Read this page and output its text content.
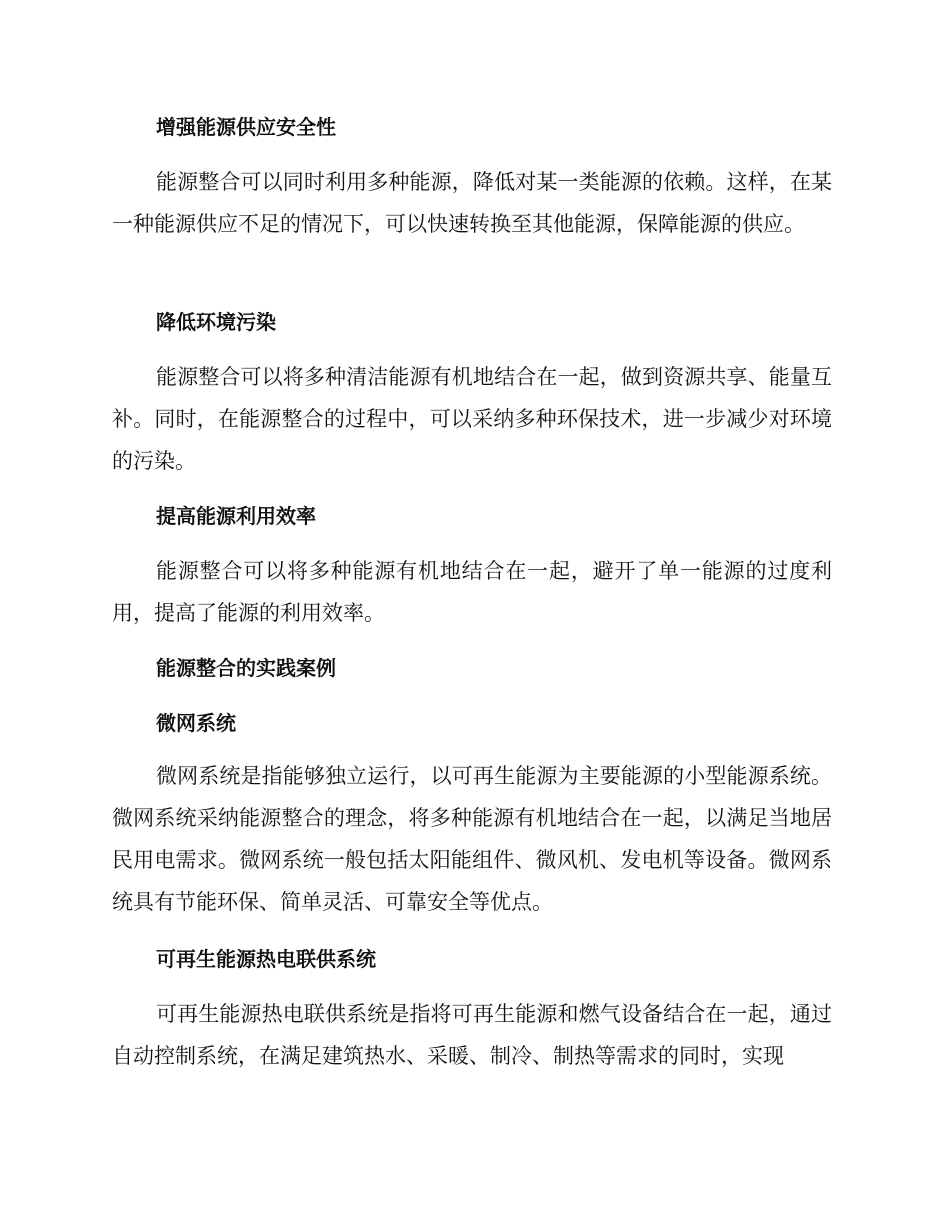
增强能源供应安全性

能源整合可以同时利用多种能源，降低对某一类能源的依赖。这样，在某一种能源供应不足的情况下，可以快速转换至其他能源，保障能源的供应。

降低环境污染

能源整合可以将多种清洁能源有机地结合在一起，做到资源共享、能量互补。同时，在能源整合的过程中，可以采纳多种环保技术，进一步减少对环境的污染。

提高能源利用效率

能源整合可以将多种能源有机地结合在一起，避开了单一能源的过度利用，提高了能源的利用效率。

能源整合的实践案例
微网系统

微网系统是指能够独立运行，以可再生能源为主要能源的小型能源系统。微网系统采纳能源整合的理念，将多种能源有机地结合在一起，以满足当地居民用电需求。微网系统一般包括太阳能组件、微风机、发电机等设备。微网系统具有节能环保、简单灵活、可靠安全等优点。

可再生能源热电联供系统

可再生能源热电联供系统是指将可再生能源和燃气设备结合在一起，通过自动控制系统，在满足建筑热水、采暖、制冷、制热等需求的同时，实现
